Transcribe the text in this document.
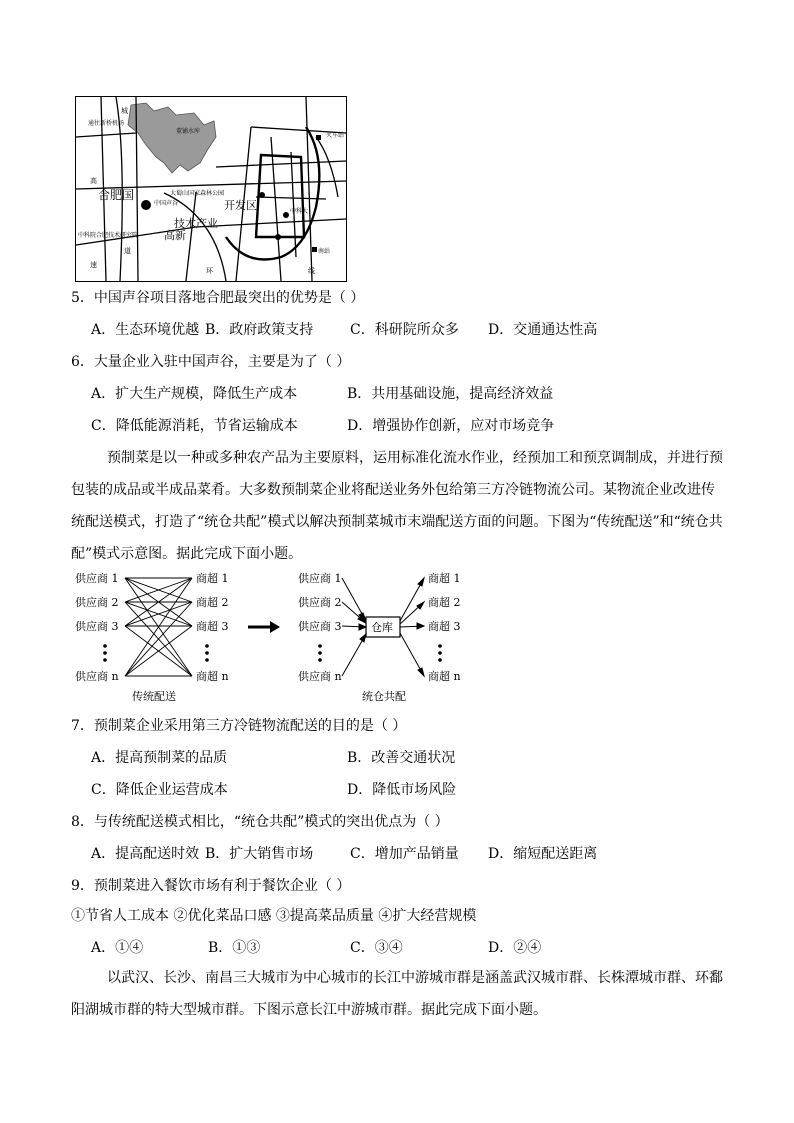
通往新桥机场
董铺水库
大蜀山国家森林公园
火车站
中科大
南站
中国声谷
中科院合肥技术研究院
合肥国
技术产业
开发区
高新
城
高
速
环	线
道
5．中国声谷项目落地合肥最突出的优势是（ ）
A．生态环境优越 B．政府政策支持	C．科研院所众多 D．交通通达性高
6．大量企业入驻中国声谷，主要是为了（ ）
A．扩大生产规模，降低生产成本	B．共用基础设施，提高经济效益
C．降低能源消耗，节省运输成本	D．增强协作创新，应对市场竞争
预制菜是以一种或多种农产品为主要原料，运用标准化流水作业，经预加工和预烹调制成，并进行预
包装的成品或半成品菜肴。大多数预制菜企业将配送业务外包给第三方冷链物流公司。某物流企业改进传
统配送模式，打造了“统仓共配”模式以解决预制菜城市末端配送方面的问题。下图为“传统配送”和“统仓共
配”模式示意图。据此完成下面小题。
供应商 1
供应商 2
供应商 3
供应商 n
商超 1
商超 2
商超 3
商超 n
传统配送
供应商 1
供应商 2
供应商 3
供应商 n
商超 1
商超 2
商超 3
商超 n
仓库
统仓共配
7．预制菜企业采用第三方冷链物流配送的目的是（ ）
A．提高预制菜的品质	B．改善交通状况
C．降低企业运营成本	D．降低市场风险
8．与传统配送模式相比，“统仓共配”模式的突出优点为（ ）
A．提高配送时效 B．扩大销售市场	C．增加产品销量 D．缩短配送距离
9．预制菜进入餐饮市场有利于餐饮企业（ ）
①节省人工成本 ②优化菜品口感 ③提高菜品质量 ④扩大经营规模
A．①④	B．①③	C．③④	D．②④
以武汉、长沙、南昌三大城市为中心城市的长江中游城市群是涵盖武汉城市群、长株潭城市群、环鄱
阳湖城市群的特大型城市群。下图示意长江中游城市群。据此完成下面小题。
